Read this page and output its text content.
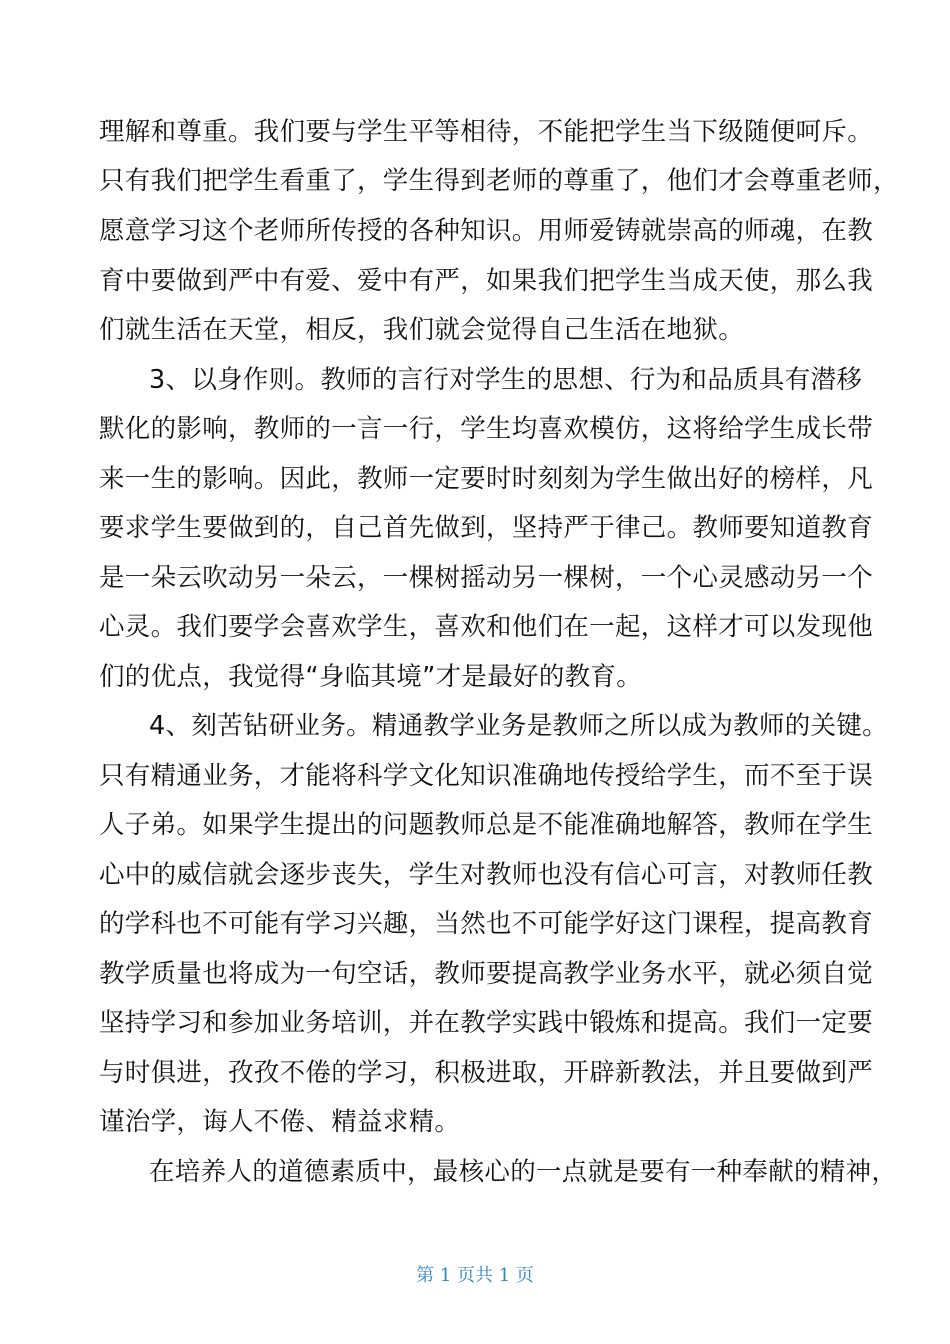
理解和尊重。我们要与学生平等相待，不能把学生当下级随便呵斥。
只有我们把学生看重了，学生得到老师的尊重了，他们才会尊重老师，
愿意学习这个老师所传授的各种知识。用师爱铸就崇高的师魂，在教
育中要做到严中有爱、爱中有严，如果我们把学生当成天使，那么我
们就生活在天堂，相反，我们就会觉得自己生活在地狱。
3、以身作则。教师的言行对学生的思想、行为和品质具有潜移
默化的影响，教师的一言一行，学生均喜欢模仿，这将给学生成长带
来一生的影响。因此，教师一定要时时刻刻为学生做出好的榜样，凡
要求学生要做到的，自己首先做到，坚持严于律己。教师要知道教育
是一朵云吹动另一朵云，一棵树摇动另一棵树，一个心灵感动另一个
心灵。我们要学会喜欢学生，喜欢和他们在一起，这样才可以发现他
们的优点，我觉得“身临其境”才是最好的教育。
4、刻苦钻研业务。精通教学业务是教师之所以成为教师的关键。
只有精通业务，才能将科学文化知识准确地传授给学生，而不至于误
人子弟。如果学生提出的问题教师总是不能准确地解答，教师在学生
心中的威信就会逐步丧失，学生对教师也没有信心可言，对教师任教
的学科也不可能有学习兴趣，当然也不可能学好这门课程，提高教育
教学质量也将成为一句空话，教师要提高教学业务水平，就必须自觉
坚持学习和参加业务培训，并在教学实践中锻炼和提高。我们一定要
与时俱进，孜孜不倦的学习，积极进取，开辟新教法，并且要做到严
谨治学，诲人不倦、精益求精。
在培养人的道德素质中，最核心的一点就是要有一种奉献的精神，
第 1 页共 1 页
